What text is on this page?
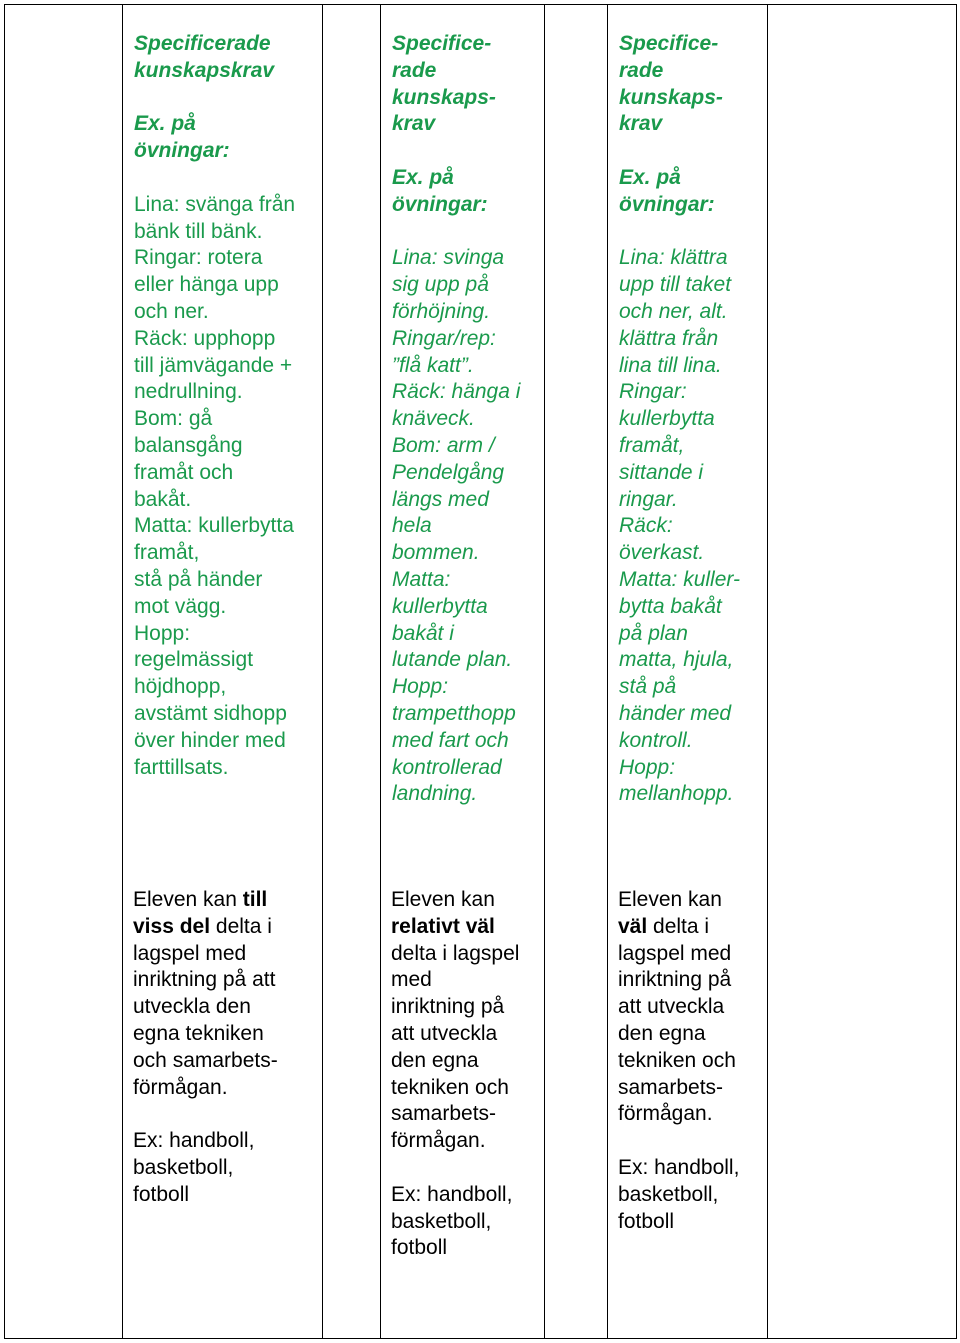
Specificerade
kunskapskrav
Ex. på
övningar:
Lina: svänga från
bänk till bänk.
Ringar: rotera
eller hänga upp
och ner.
Räck: upphopp
till jämvägande +
nedrullning.
Bom: gå
balansgång
framåt och
bakåt.
Matta: kullerbytta
framåt,
stå på händer
mot vägg.
Hopp:
regelmässigt
höjdhopp,
avstämt sidhopp
över hinder med
farttillsats.
Eleven kan till
viss del delta i
lagspel med
inriktning på att
utveckla den
egna tekniken
och samarbets-
förmågan.
Ex: handboll,
basketboll,
fotboll
Specifice-
rade
kunskaps-
krav
Ex. på
övningar:
Lina: svinga
sig upp på
förhöjning.
Ringar/rep:
”flå katt”.
Räck: hänga i
knäveck.
Bom: arm /
Pendelgång
längs med
hela
bommen.
Matta:
kullerbytta
bakåt i
lutande plan.
Hopp:
trampetthopp
med fart och
kontrollerad
landning.
Eleven kan
relativt väl
delta i lagspel
med
inriktning på
att utveckla
den egna
tekniken och
samarbets-
förmågan.
Ex: handboll,
basketboll,
fotboll
Specifice-
rade
kunskaps-
krav
Ex. på
övningar:
Lina: klättra
upp till taket
och ner, alt.
klättra från
lina till lina.
Ringar:
kullerbytta
framåt,
sittande i
ringar.
Räck:
överkast.
Matta: kuller-
bytta bakåt
på plan
matta, hjula,
stå på
händer med
kontroll.
Hopp:
mellanhopp.
Eleven kan
väl delta i
lagspel med
inriktning på
att utveckla
den egna
tekniken och
samarbets-
förmågan.
Ex: handboll,
basketboll,
fotboll
